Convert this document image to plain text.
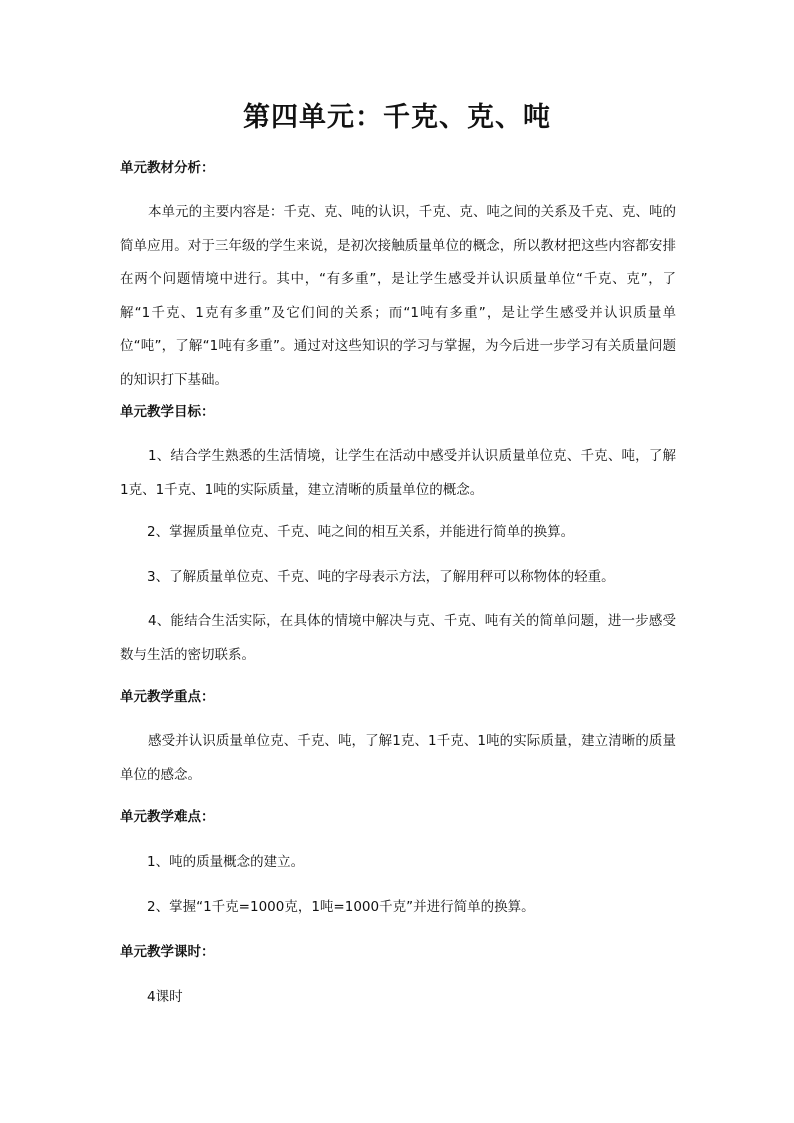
第四单元：千克、克、吨

单元教材分析：

本单元的主要内容是：千克、克、吨的认识，千克、克、吨之间的关系及千克、克、吨的简单应用。对于三年级的学生来说，是初次接触质量单位的概念，所以教材把这些内容都安排在两个问题情境中进行。其中，“有多重”，是让学生感受并认识质量单位“千克、克”，了解“1千克、1克有多重”及它们间的关系；而“1吨有多重”，是让学生感受并认识质量单位“吨”，了解“1吨有多重”。通过对这些知识的学习与掌握，为今后进一步学习有关质量问题的知识打下基础。

单元教学目标：

1、结合学生熟悉的生活情境，让学生在活动中感受并认识质量单位克、千克、吨，了解1克、1千克、1吨的实际质量，建立清晰的质量单位的概念。

2、掌握质量单位克、千克、吨之间的相互关系，并能进行简单的换算。

3、了解质量单位克、千克、吨的字母表示方法，了解用秤可以称物体的轻重。

4、能结合生活实际，在具体的情境中解决与克、千克、吨有关的简单问题，进一步感受数与生活的密切联系。

单元教学重点：

感受并认识质量单位克、千克、吨，了解1克、1千克、1吨的实际质量，建立清晰的质量单位的感念。

单元教学难点：

1、吨的质量概念的建立。

2、掌握“1千克=1000克，1吨=1000千克”并进行简单的换算。

单元教学课时：

4课时
